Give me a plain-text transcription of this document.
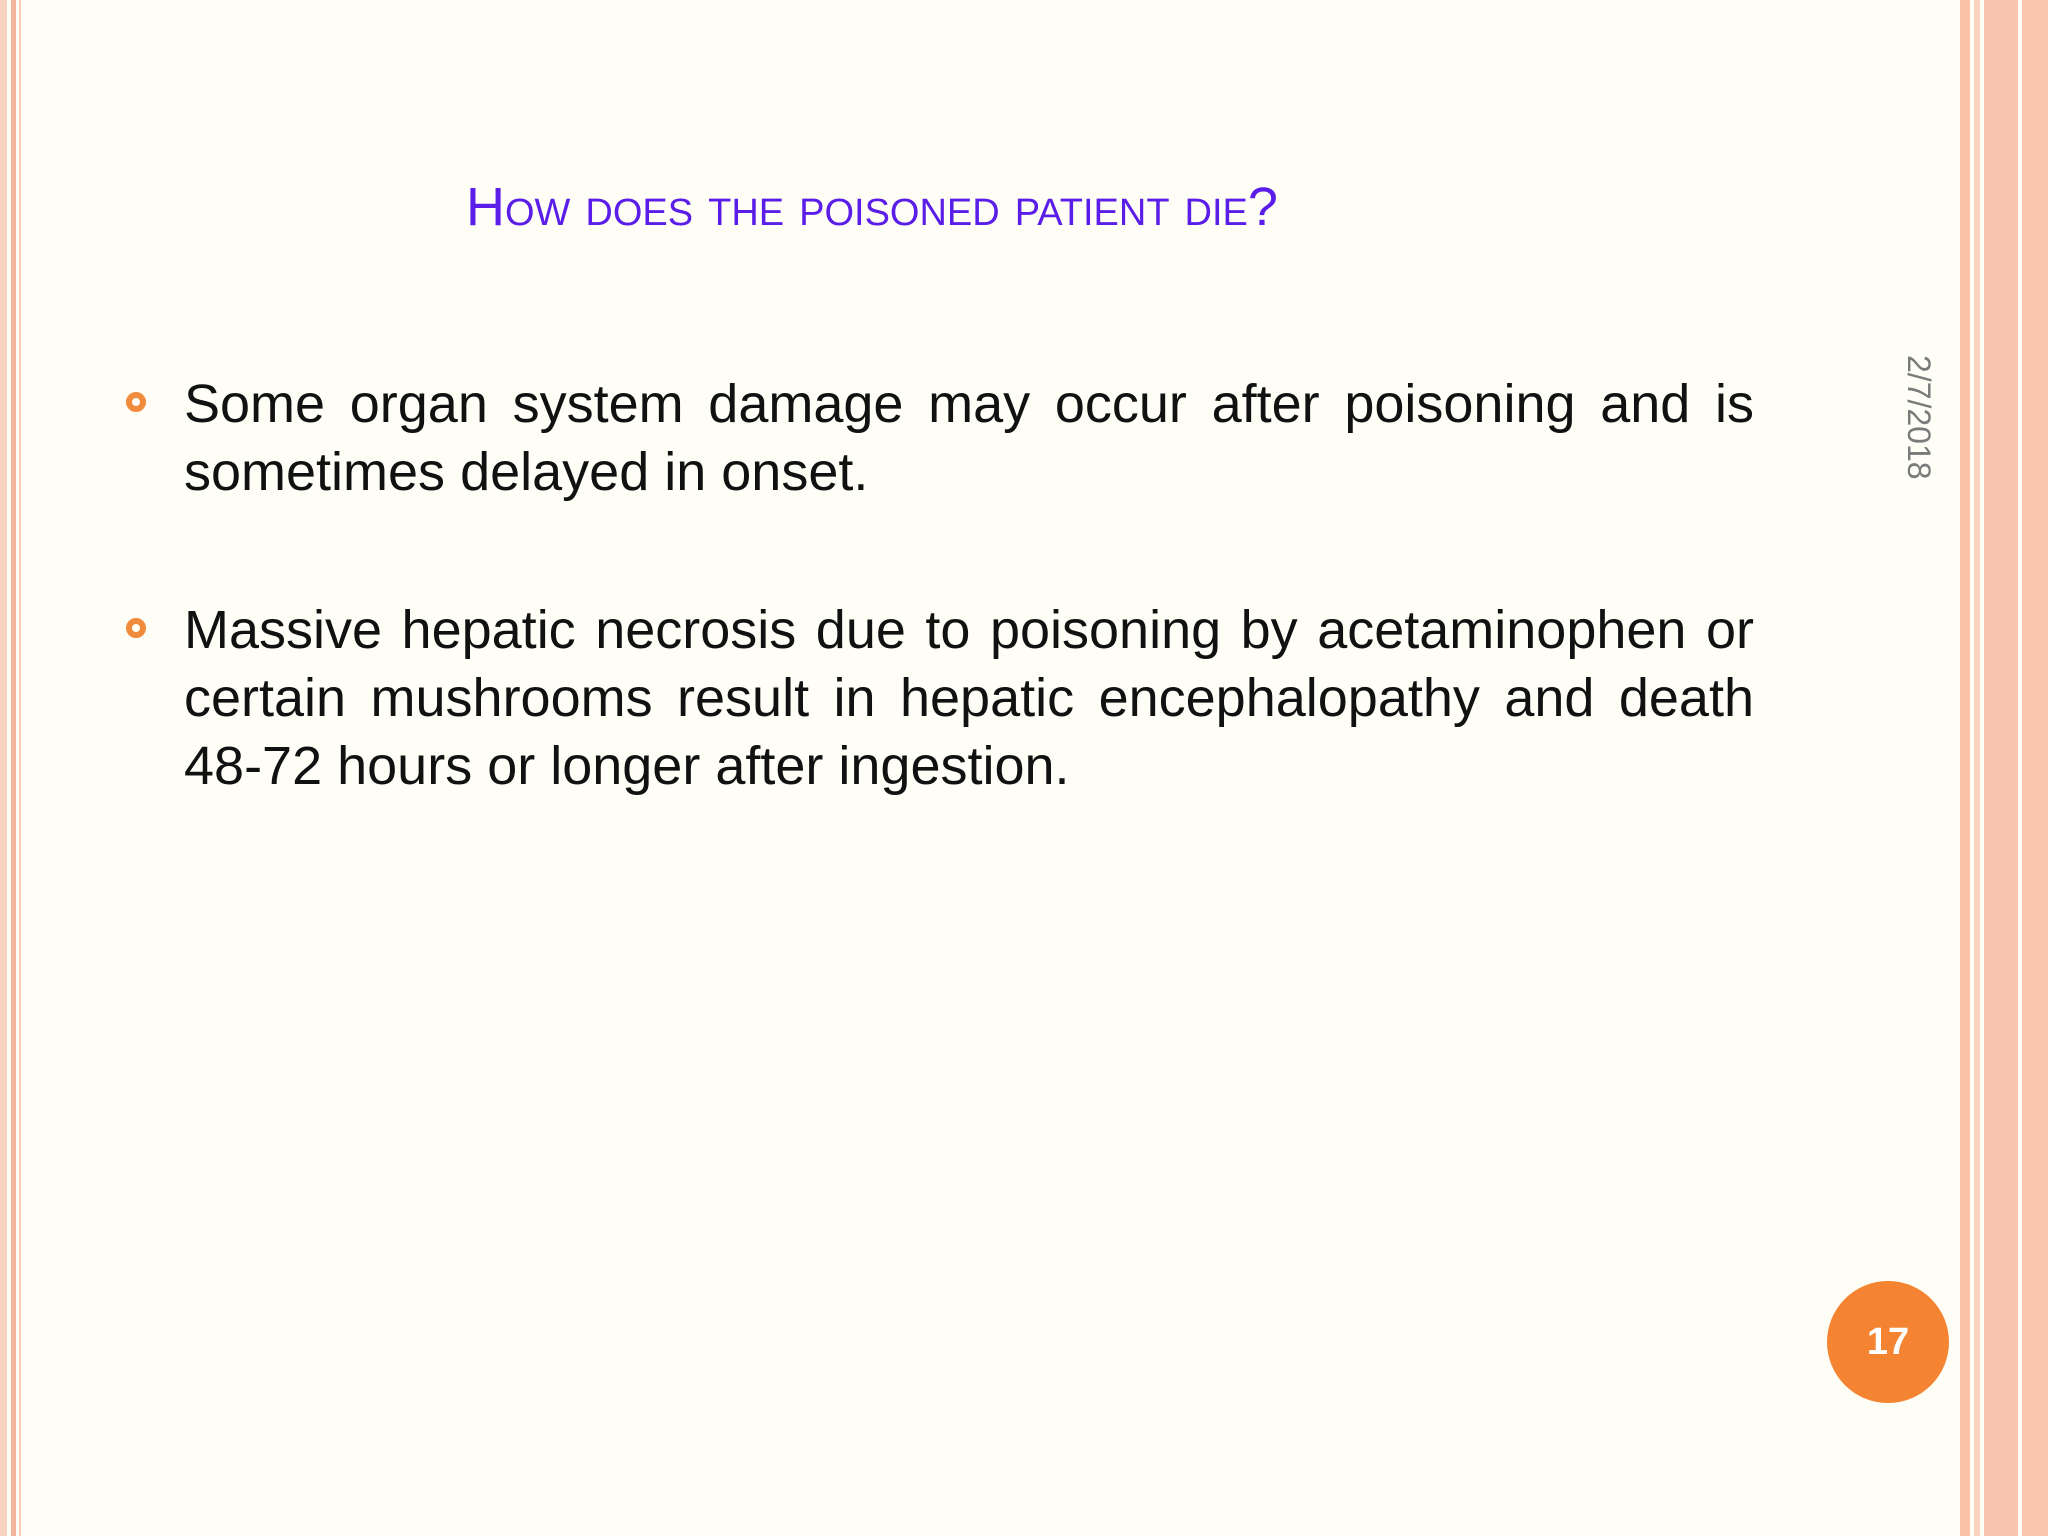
How does the poisoned patient die?
2/7/2018
Some organ system damage may occur after poisoning and is sometimes delayed in onset.
Massive hepatic necrosis due to poisoning by acetaminophen or certain mushrooms result in hepatic encephalopathy and death 48-72 hours or longer after ingestion.
17
